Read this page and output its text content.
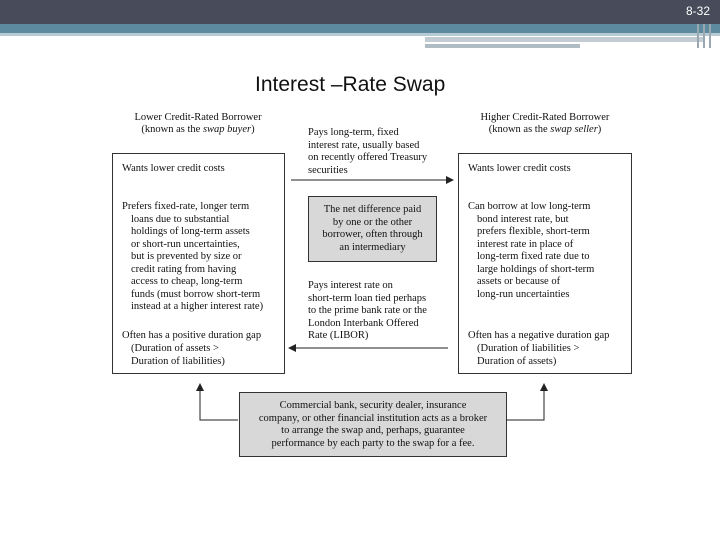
8-32
Interest –Rate Swap
Lower Credit-Rated Borrower
(known as the swap buyer)
Higher Credit-Rated Borrower
(known as the swap seller)
Wants lower credit costs
Prefers fixed-rate, longer term
loans due to substantial
holdings of long-term assets
or short-run uncertainties,
but is prevented by size or
credit rating from having
access to cheap, long-term
funds (must borrow short-term
instead at a higher interest rate)
Often has a positive duration gap
(Duration of assets >
Duration of liabilities)
Wants lower credit costs
Can borrow at low long-term
bond interest rate, but
prefers flexible, short-term
interest rate in place of
long-term fixed rate due to
large holdings of short-term
assets or because of
long-run uncertainties
Often has a negative duration gap
(Duration of liabilities >
Duration of assets)
Pays long-term, fixed
interest rate, usually based
on recently offered Treasury
securities
The net difference paid
by one or the other
borrower, often through
an intermediary
Pays interest rate on
short-term loan tied perhaps
to the prime bank rate or the
London Interbank Offered
Rate (LIBOR)
Commercial bank, security dealer, insurance
company, or other financial institution acts as a broker
to arrange the swap and, perhaps, guarantee
performance by each party to the swap for a fee.
